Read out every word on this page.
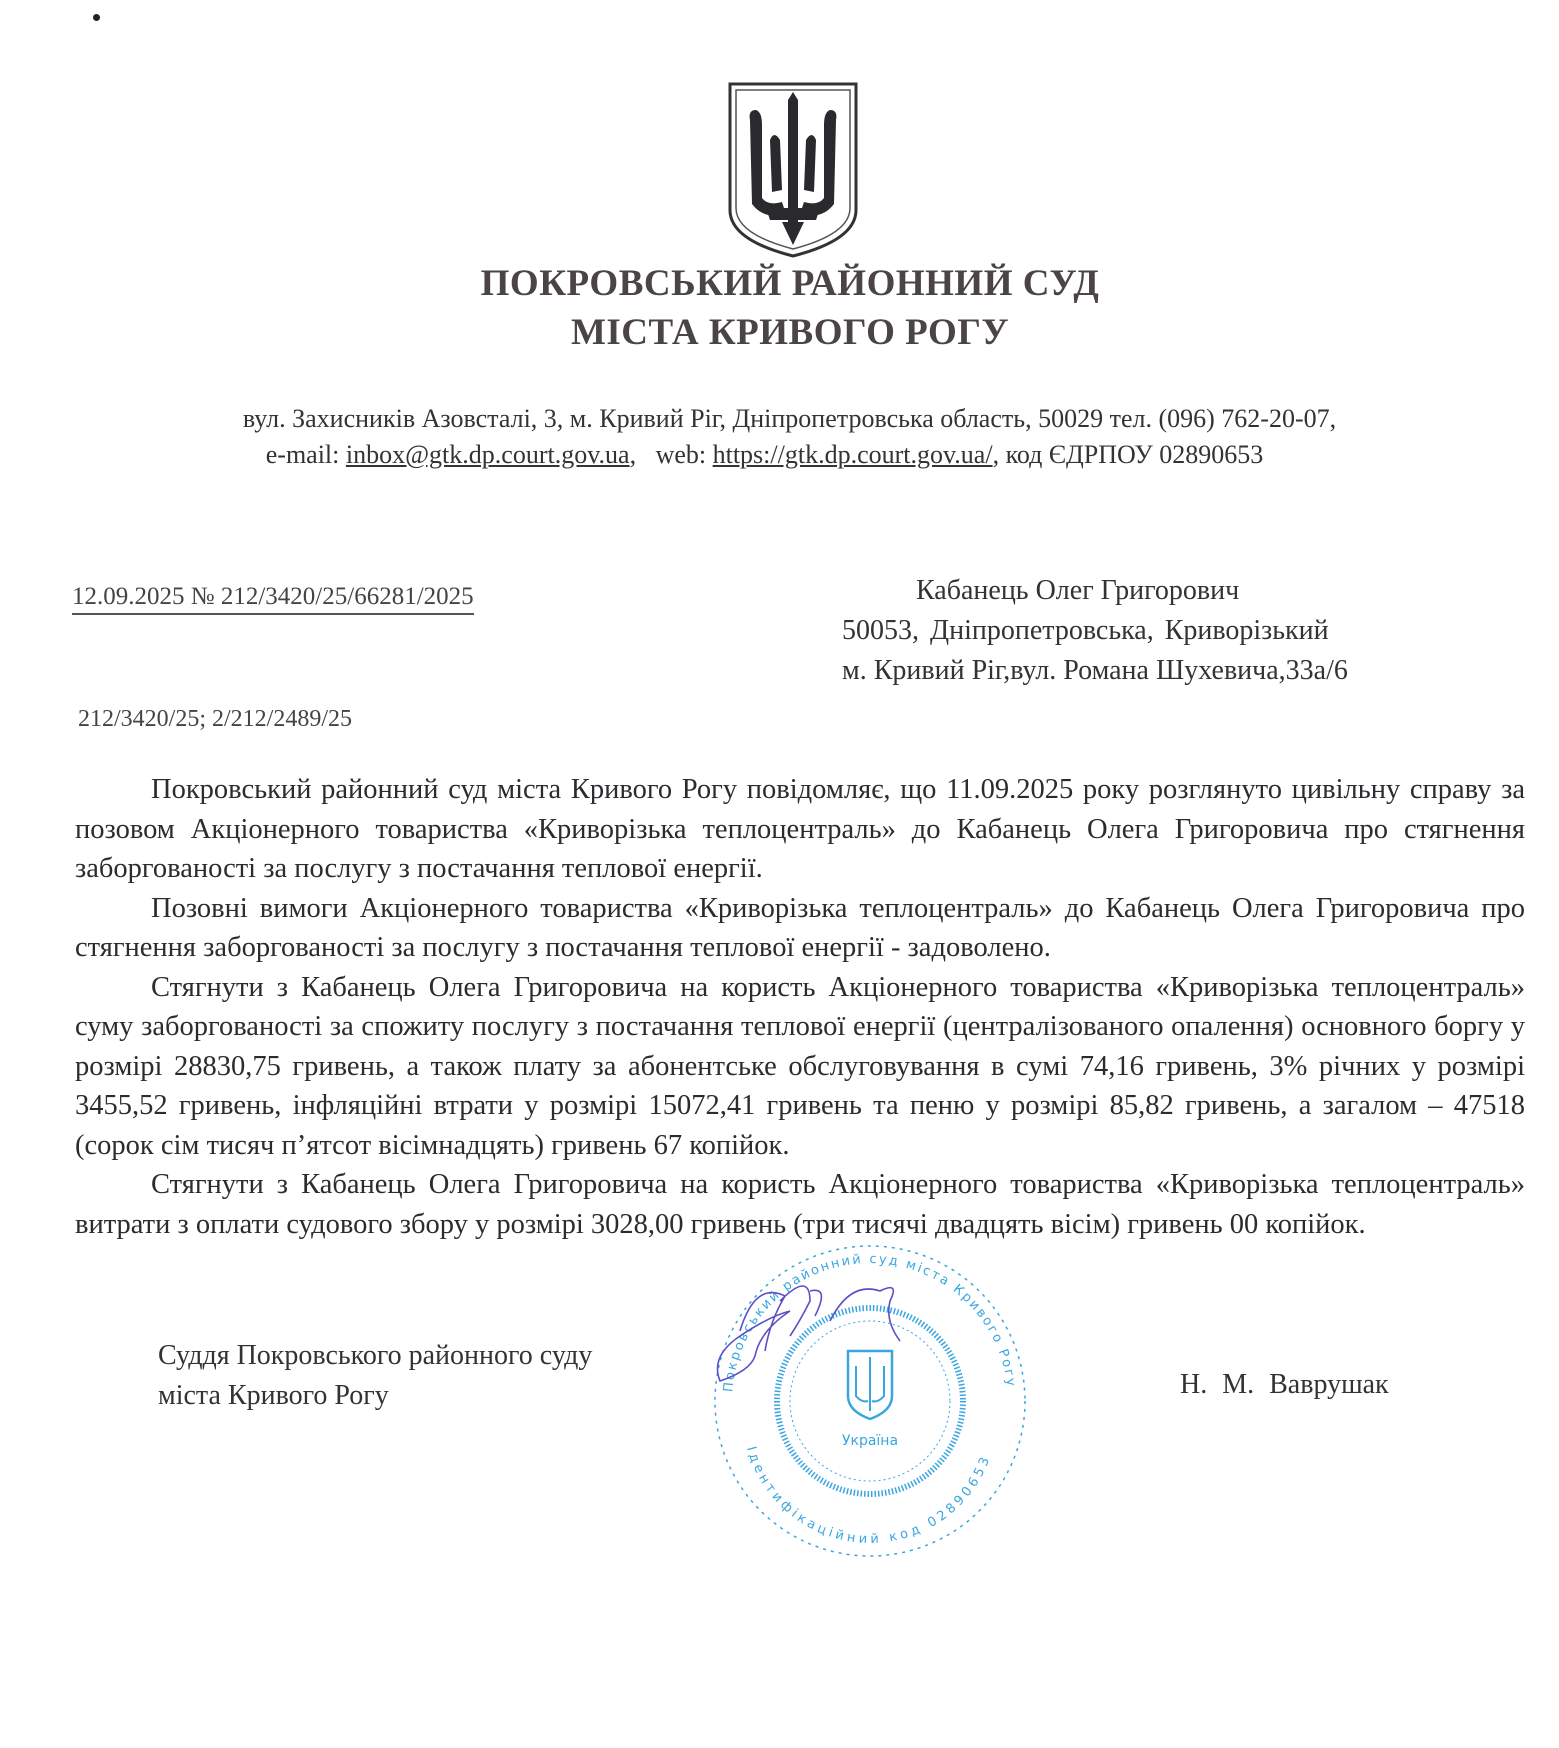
ПОКРОВСЬКИЙ РАЙОННИЙ СУД
МІСТА КРИВОГО РОГУ
вул. Захисників Азовсталі, 3, м. Кривий Ріг, Дніпропетровська область, 50029 тел. (096) 762-20-07,
e-mail: inbox@gtk.dp.court.gov.ua,   web: https://gtk.dp.court.gov.ua/, код ЄДРПОУ 02890653
12.09.2025 № 212/3420/25/66281/2025
212/3420/25; 2/212/2489/25
Кабанець Олег Григорович
50053, Дніпропетровська, Криворізький
м. Кривий Ріг,вул. Романа Шухевича,33а/6

Покровський районний суд міста Кривого Рогу повідомляє, що 11.09.2025 року розглянуто цивільну справу за позовом Акціонерного товариства «Криворізька теплоцентраль» до Кабанець Олега Григоровича про стягнення заборгованості за послугу з постачання теплової енергії.

Позовні вимоги Акціонерного товариства «Криворізька теплоцентраль» до Кабанець Олега Григоровича про стягнення заборгованості за послугу з постачання теплової енергії - задоволено.

Стягнути з Кабанець Олега Григоровича на користь Акціонерного товариства «Криворізька теплоцентраль» суму заборгованості за спожиту послугу з постачання теплової енергії (централізованого опалення) основного боргу у розмірі 28830,75 гривень, а також плату за абонентське обслуговування в сумі 74,16 гривень, 3% річних у розмірі 3455,52 гривень, інфляційні втрати у розмірі 15072,41 гривень та пеню у розмірі 85,82 гривень, а загалом – 47518 (сорок сім тисяч п’ятсот вісімнадцять) гривень 67 копійок.

Стягнути з Кабанець Олега Григоровича на користь Акціонерного товариства «Криворізька теплоцентраль» витрати з оплати судового збору у розмірі 3028,00 гривень (три тисячі двадцять вісім) гривень 00 копійок.

Покровський районний суд міста Кривого Рогу
Ідентифікаційний код 02890653
Україна
Суддя Покровського районного суду
міста Кривого Рогу	Н. М. Ваврушак
